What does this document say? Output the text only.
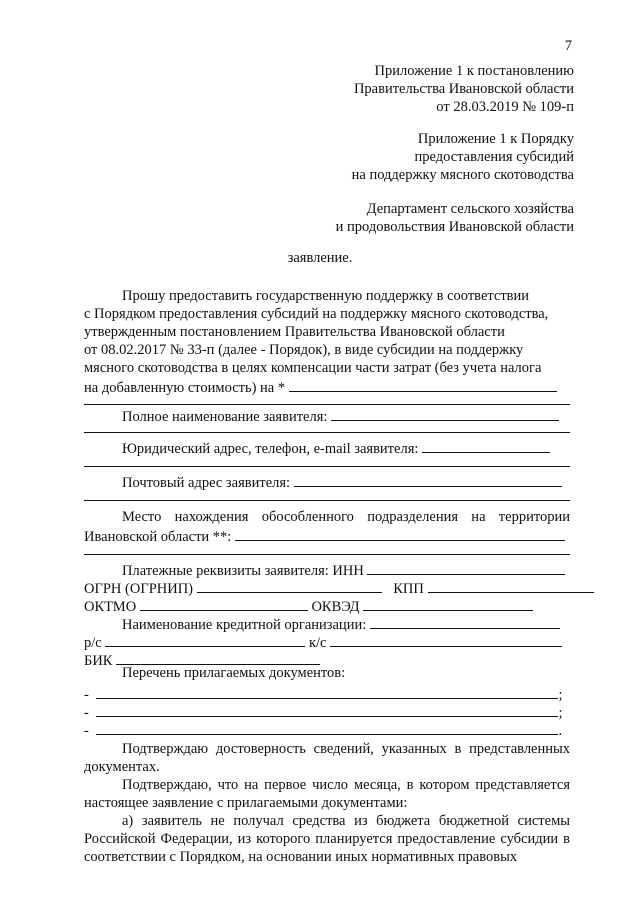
7
Приложение 1 к постановлению
Правительства Ивановской области
от 28.03.2019 № 109-п
Приложение 1 к Порядку
предоставления субсидий
на поддержку мясного скотоводства
Департамент сельского хозяйства
и продовольствия Ивановской области
заявление.
Прошу предоставить государственную поддержку в соответствии
с Порядком предоставления субсидий на поддержку мясного скотоводства,
утвержденным постановлением Правительства Ивановской области
от 08.02.2017 № 33-п (далее - Порядок), в виде субсидии на поддержку
мясного скотоводства в целях компенсации части затрат (без учета налога
на добавленную стоимость) на *
Полное наименование заявителя:
Юридический адрес, телефон, e-mail заявителя:
Почтовый адрес заявителя:
Место нахождения обособленного подразделения на территории
Ивановской области **:
Платежные реквизиты заявителя: ИНН
ОГРН (ОГРНИП)	КПП
ОКТМО	ОКВЭД
Наименование кредитной организации:
р/с	к/с
БИК
Перечень прилагаемых документов:
-	;
-	;
-	.
Подтверждаю достоверность сведений, указанных в представленных документах.
Подтверждаю, что на первое число месяца, в котором представляется настоящее заявление с прилагаемыми документами:
а) заявитель не получал средства из бюджета бюджетной системы Российской Федерации, из которого планируется предоставление субсидии в соответствии с Порядком, на основании иных нормативных правовых
